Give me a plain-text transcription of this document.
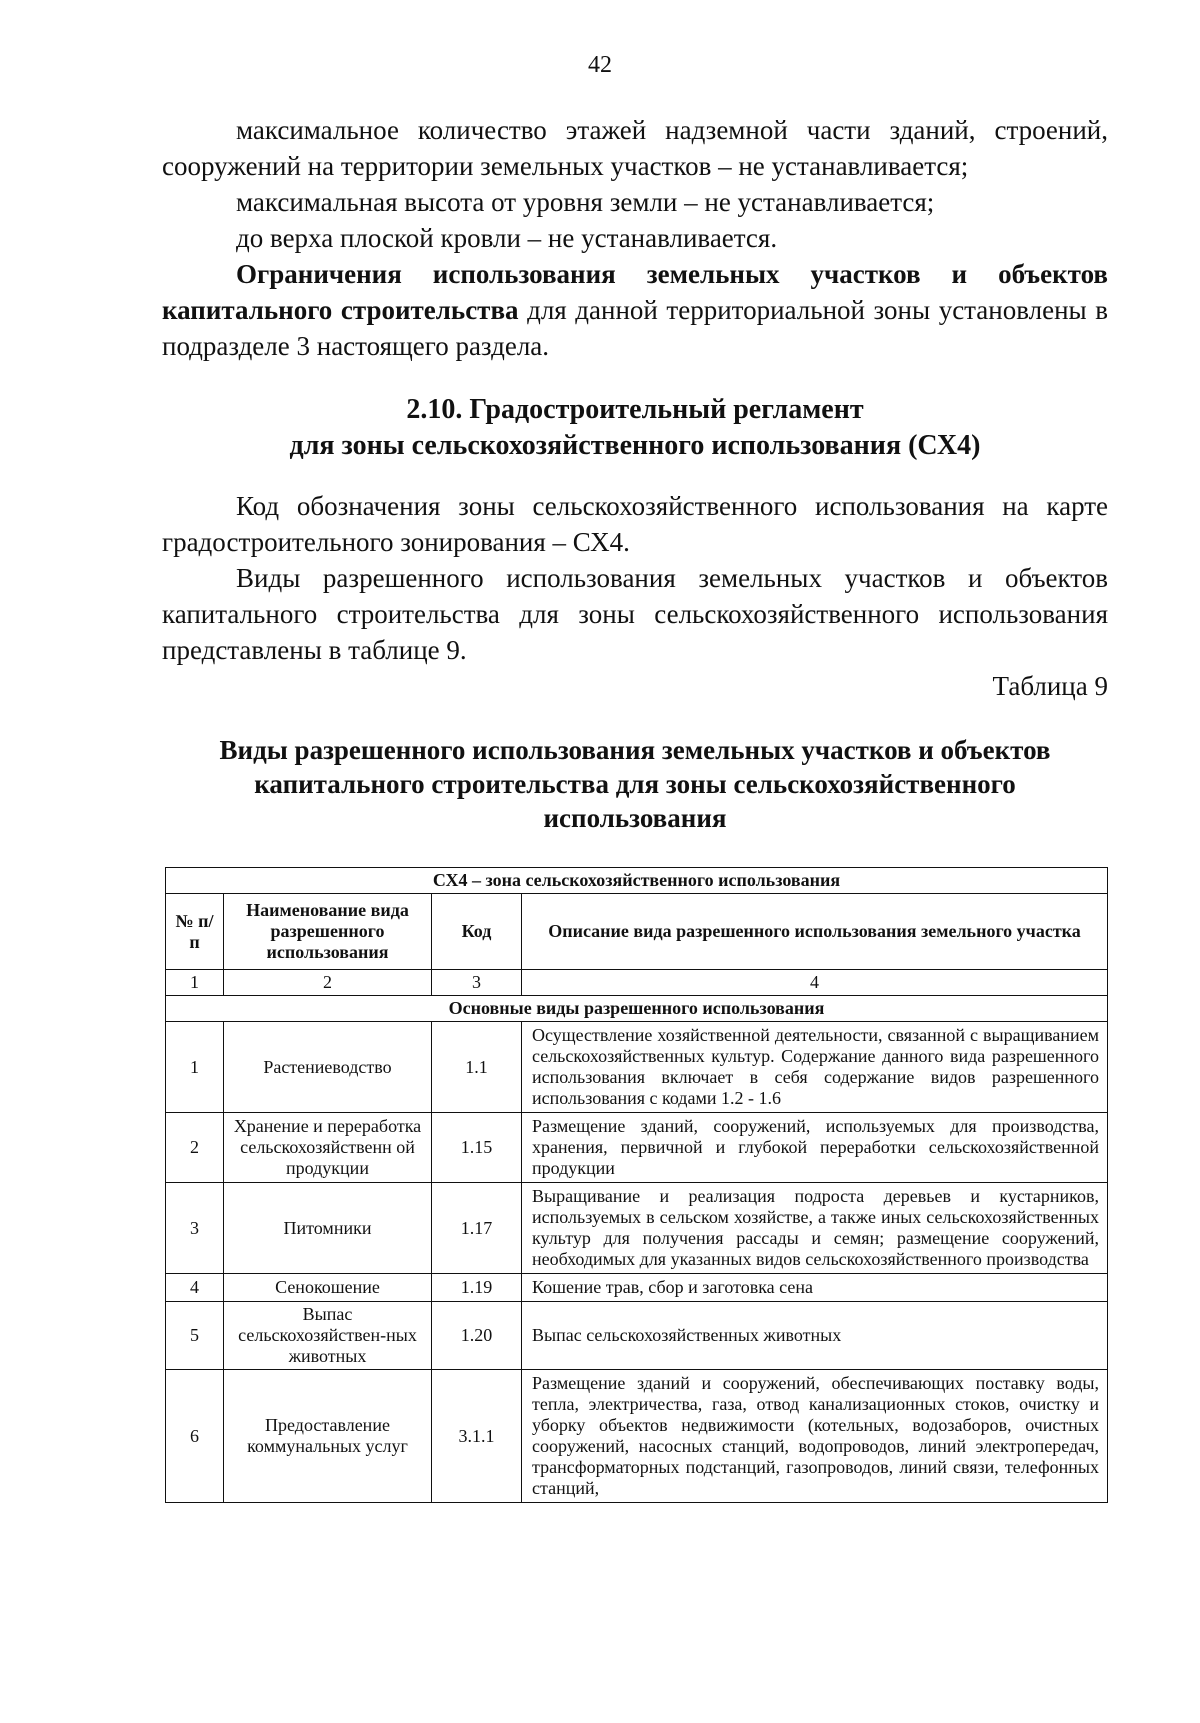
42

максимальное количество этажей надземной части зданий, строений, сооружений на территории земельных участков – не устанавливается;

максимальная высота от уровня земли – не устанавливается;

до верха плоской кровли – не устанавливается.

Ограничения использования земельных участков и объектов капитального строительства для данной территориальной зоны установлены в подразделе 3 настоящего раздела.

2.10. Градостроительный регламент

для зоны сельскохозяйственного использования (СХ4)

Код обозначения зоны сельскохозяйственного использования на карте градостроительного зонирования – СХ4.

Виды разрешенного использования земельных участков и объектов капитального строительства для зоны сельскохозяйственного использования представлены в таблице 9.

Таблица 9

Виды разрешенного использования земельных участков и объектов капитального строительства для зоны сельскохозяйственного использования
СХ4 – зона сельскохозяйственного использования			
№ п/п	Наименование вида разрешенного использования	Код	Описание вида разрешенного использования земельного участка
1	2	3	4
Основные виды разрешенного использования			
1	Растениеводство	1.1	Осуществление хозяйственной деятельности, связанной с выращиванием сельскохозяйственных культур. Содержание данного вида разрешенного использования включает в себя содержание видов разрешенного использования с кодами 1.2 - 1.6
2	Хранение и переработка сельскохозяйственн ой продукции	1.15	Размещение зданий, сооружений, используемых для производства, хранения, первичной и глубокой переработки сельскохозяйственной продукции
3	Питомники	1.17	Выращивание и реализация подроста деревьев и кустарников, используемых в сельском хозяйстве, а также иных сельскохозяйственных культур для получения рассады и семян; размещение сооружений, необходимых для указанных видов сельскохозяйственного производства
4	Сенокошение	1.19	Кошение трав, сбор и заготовка сена
5	Выпас сельскохозяйствен-ных животных	1.20	Выпас сельскохозяйственных животных
6	Предоставление коммунальных услуг	3.1.1	Размещение зданий и сооружений, обеспечивающих поставку воды, тепла, электричества, газа, отвод канализационных стоков, очистку и уборку объектов недвижимости (котельных, водозаборов, очистных сооружений, насосных станций, водопроводов, линий электропередач, трансформаторных подстанций, газопроводов, линий связи, телефонных станций,
